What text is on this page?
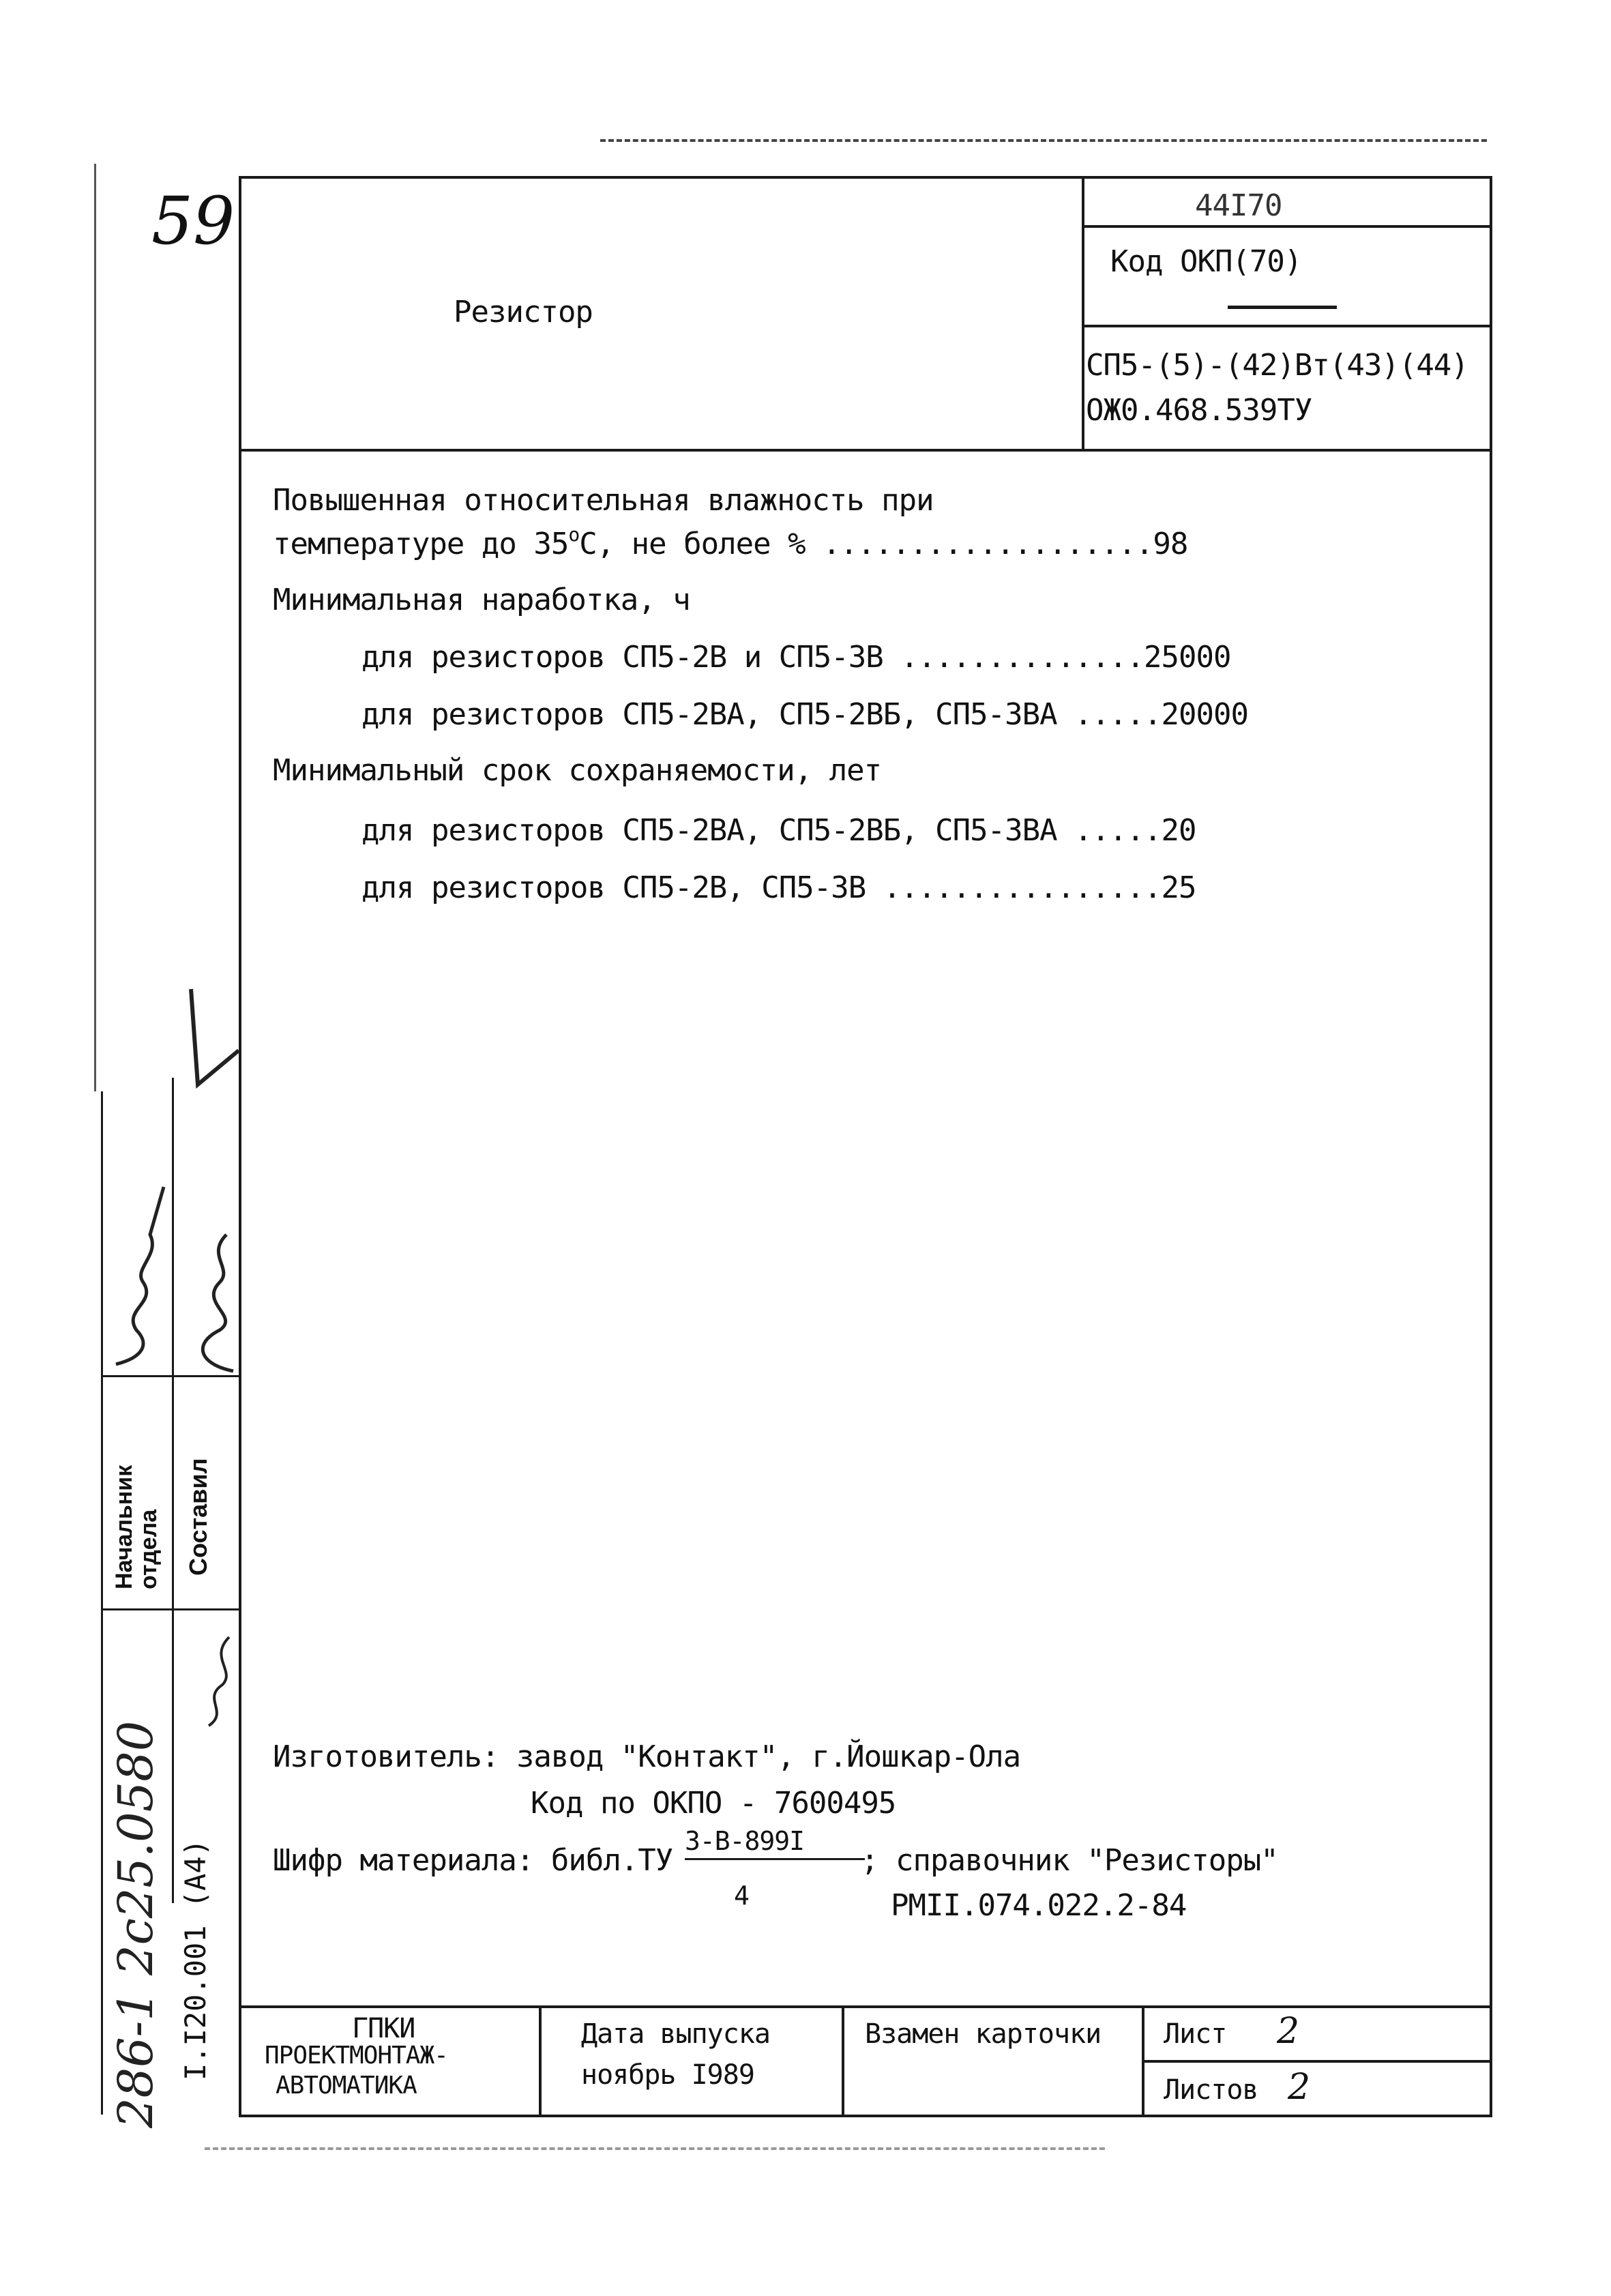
59
Резистор
44I70
Код ОКП(70)
СП5-(5)-(42)Вт(43)(44)
ОЖ0.468.539ТУ
Повышенная относительная влажность при
температуре до $35^оС$, не более % ...................98
Минимальная наработка, ч
для резисторов СП5-2В и СП5-3В ..............25000
для резисторов СП5-2ВА, СП5-2ВБ, СП5-3ВА .....20000
Минимальный срок сохраняемости, лет
для резисторов СП5-2ВА, СП5-2ВБ, СП5-3ВА .....20
для резисторов СП5-2В, СП5-3В ................25
Изготовитель: завод "Контакт", г.Йошкар-Ола
Код по ОКПО - 7600495
Шифр материала: библ.ТУ
3-В-899I
; справочник "Резисторы"
4	РМII.074.022.2-84
ГПКИ
ПРОЕКТМОНТАЖ-
АВТОМАТИКА
Дата выпуска
ноябрь I989
Взамен карточки Лист 2
Листов 2
Начальник отдела Составил
I.I20.001 (A4)
286-1 2c25.0580
